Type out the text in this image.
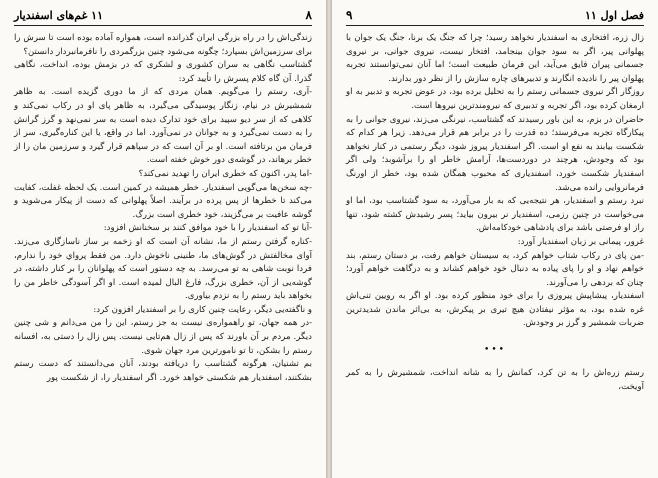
۸
۱۱ غم‌های اسفندیار

زندگی‌اش را در راه بزرگی ایران گذرانده است، همواره آماده بوده است تا سرش را برای سرزمین‌اش بسپارد؛ چگونه می‌شود چنین بزرگمردی را نافرمانبردار دانستن؟

گشتاسب نگاهی به سران کشوری و لشکری که در بزمش بوده، انداخت، نگاهی گذرا. آن گاه کلام پسرش را تأیید کرد:

-آری، رستم را می‌گویم. همان مردی که از ما دوری گزیده است. به ظاهر شمشیرش در نیام، زنگار پوسیدگی می‌گیرد، به ظاهر پای او در رکاب نمی‌کند و کلاهی که از سر دیو سپید برای خود تدارک دیده است به سر نمی‌نهد و گرز گرانش را به دست نمی‌گیرد و به جوانان در نمی‌آورد. اما در واقع، یا این کناره‌گیری، سر از فرمان من برتافته است. او بر آن است که در سپاهم قرار گیرد و سرزمین مان را از خطر برهاند، در گوشه‌ی دور خوش خفته است.

-اما پدر، اکنون که خطری ایران را تهدید نمی‌کند؟

-چه سخن‌ها می‌گویی اسفندیار. خطر همیشه در کمین است. یک لحظه غفلت، کفایت می‌کند تا خطرها از پس پرده در برآیند. اصلاً پهلوانی که دست از پیکار می‌شوید و گوشه عافیت بر می‌گزیند، خود خطری است بزرگ.

-آیا تو که اسفندیار را با خود موافق کنند بر سخنانش افزود:

-کناره گرفتن رستم از ما، نشانه آن است که او زخمه بر ساز ناسازگاری می‌زند. آوای مخالفتش در گوش‌های ما، طنینی ناخوش دارد. من فقط پرواي خود را ندارم، فردا نوبت شاهی به تو می‌رسد. به چه دستور است که پهلوانان را بر کنار داشته، در گوشه‌یی از آن، خطری بزرگ، فارغ البال لمیده است. او اگر آسودگی خاطر من را بخواهد باید رستم را به نزدم بیاوری.

و ناگفته‌یی دیگر، رعایت چنین کاری را بر اسفندیار افزون کرد:

-در همه جهان، تو راهمواره‌ی نیست به جز رستم، این را من می‌دانم و شی چنین دیگر. مردم بر آن باورند که پس از زال هم‌تایی نیست. پس زال را دستی به، افسانه رستم را بشکن، تا تو نامورترین مرد جهان شوی.

بم تشنیان، هرگونه گشتاسب را دریافته بودند، آنان می‌دانستند که دست رستم بشکنند، اسفندیار هم شکستی خواهد خورد. اگر اسفندیار را، از شکست پور

فصل اول ۱۱
۹

زال زره، افتخاری به اسفندیار نخواهد رسید؛ چرا که جنگ یک برنا، جنگ یک جوان با پهلوانی پیر، اگر به سود جوان بینجامد، افتخار نیست، نیروی جوانی، بر نیروی جسمانی پیران فایق می‌آید، این فرمان طبیعت است؛ اما آنان نمی‌توانستند تجربه پهلوان پیر را نادیده انگارند و تدبیرهای چاره سازش را از نظر دور بدارند.

روزگار اگر نیروی جسمانی رستم را به تحلیل برده بود، در عوض تجربه و تدبیر به او ارمغان کرده بود، اگر تجربه و تدبیری که نیرومندترین نیروها است.

حاضران در بزم، به این باور رسیدند که گشتاسب، نیرنگی می‌زند، نیروی جوانی را به پیکارگاه تجربه می‌فرستد؛ ده قدرت را در برابر هم قرار می‌دهد. زیرا هر کدام که شکست بیابند به نفع او است. اگر اسفندیار پیروز شود، دیگر رستمی در کنار نخواهد بود که وجودش، هرچند در دوردست‌ها، آرامش خاطر او را برآشوبد؛ ولی اگر اسفندیار شکست خورد، اسفندیاری که محبوب همگان شده بود، خطر از اورنگ فرمانروایی رانده می‌شد.

نبرد رستم و اسفندیار، هر نتیجه‌یی که به بار می‌آورد، به سود گشتاسب بود، اما او می‌خواست در چنین رزمی، اسفندیار نر بیرون بیاید؛ پسر رشیدش کشته شود، تنها راز او فرصتی باشد برای پادشاهی خودکامه‌اش.

غرور، پیمانی بر زبان اسفندیار آورد:

-من پای در رکاب شتاب خواهم کرد، به سیستان خواهم رفت، بر دستان رستم، بند خواهم نهاد و او را پای پیاده به دنبال خود خواهم کشاند و به درگاهت خواهم آورد؛ چنان که بردهی را می‌آورند.

اسفندیار، پیشاپیش پیروزی را برای خود منظور کرده بود. او اگر به رویین تنی‌اش غره شده بود، به مؤثر نیفتادن هیچ تیری بر پیکرش، به بی‌اثر ماندن شدیدترین ضربات شمشیر و گرز بر وجودش.

•••

رستم زره‌اش را به تن کرد، کمانش را به شانه انداخت، شمشیرش را به کمر آویخت،
